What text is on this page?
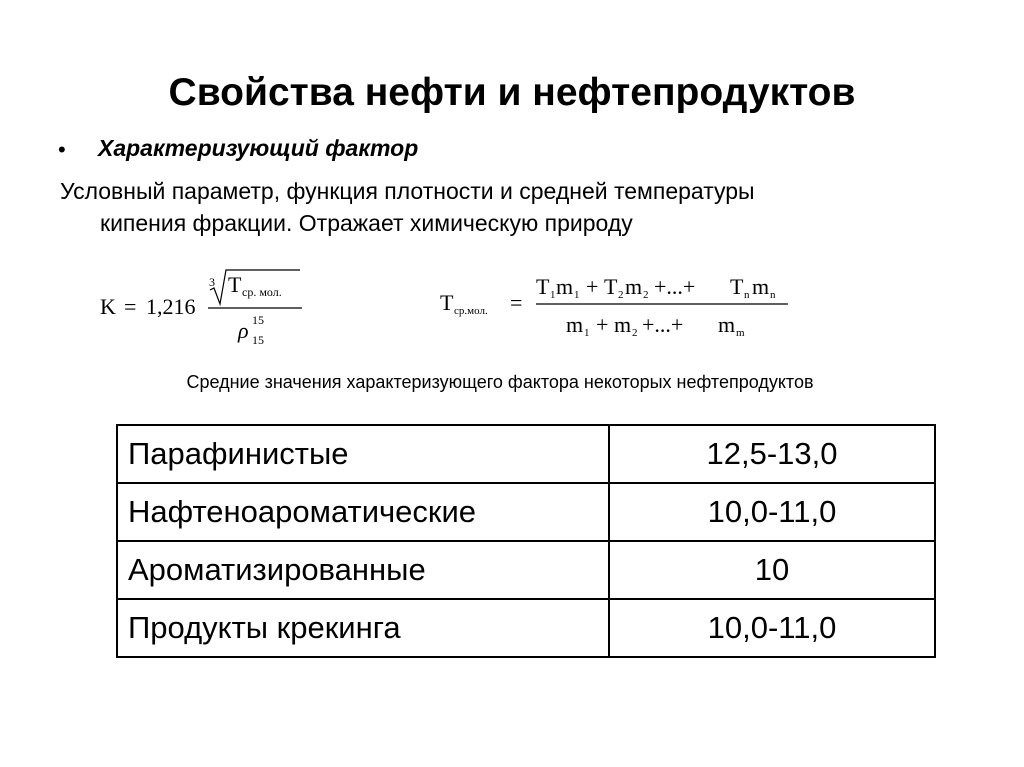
Свойства нефти и нефтепродуктов
• Характеризующий фактор
Условный параметр, функция плотности и средней температуры
кипения фракции. Отражает химическую природу
K = 1,216
3 T ср. мол.
ρ 15
15
T ср.мол. =
T 1 m 1 + T 2 m 2 +...+ T n m n
m 1 + m 2 +...+ m m
Средние значения характеризующего фактора некоторых нефтепродуктов
Парафинистые	12,5-13,0
Нафтеноароматические	10,0-11,0
Ароматизированные	10
Продукты крекинга	10,0-11,0
